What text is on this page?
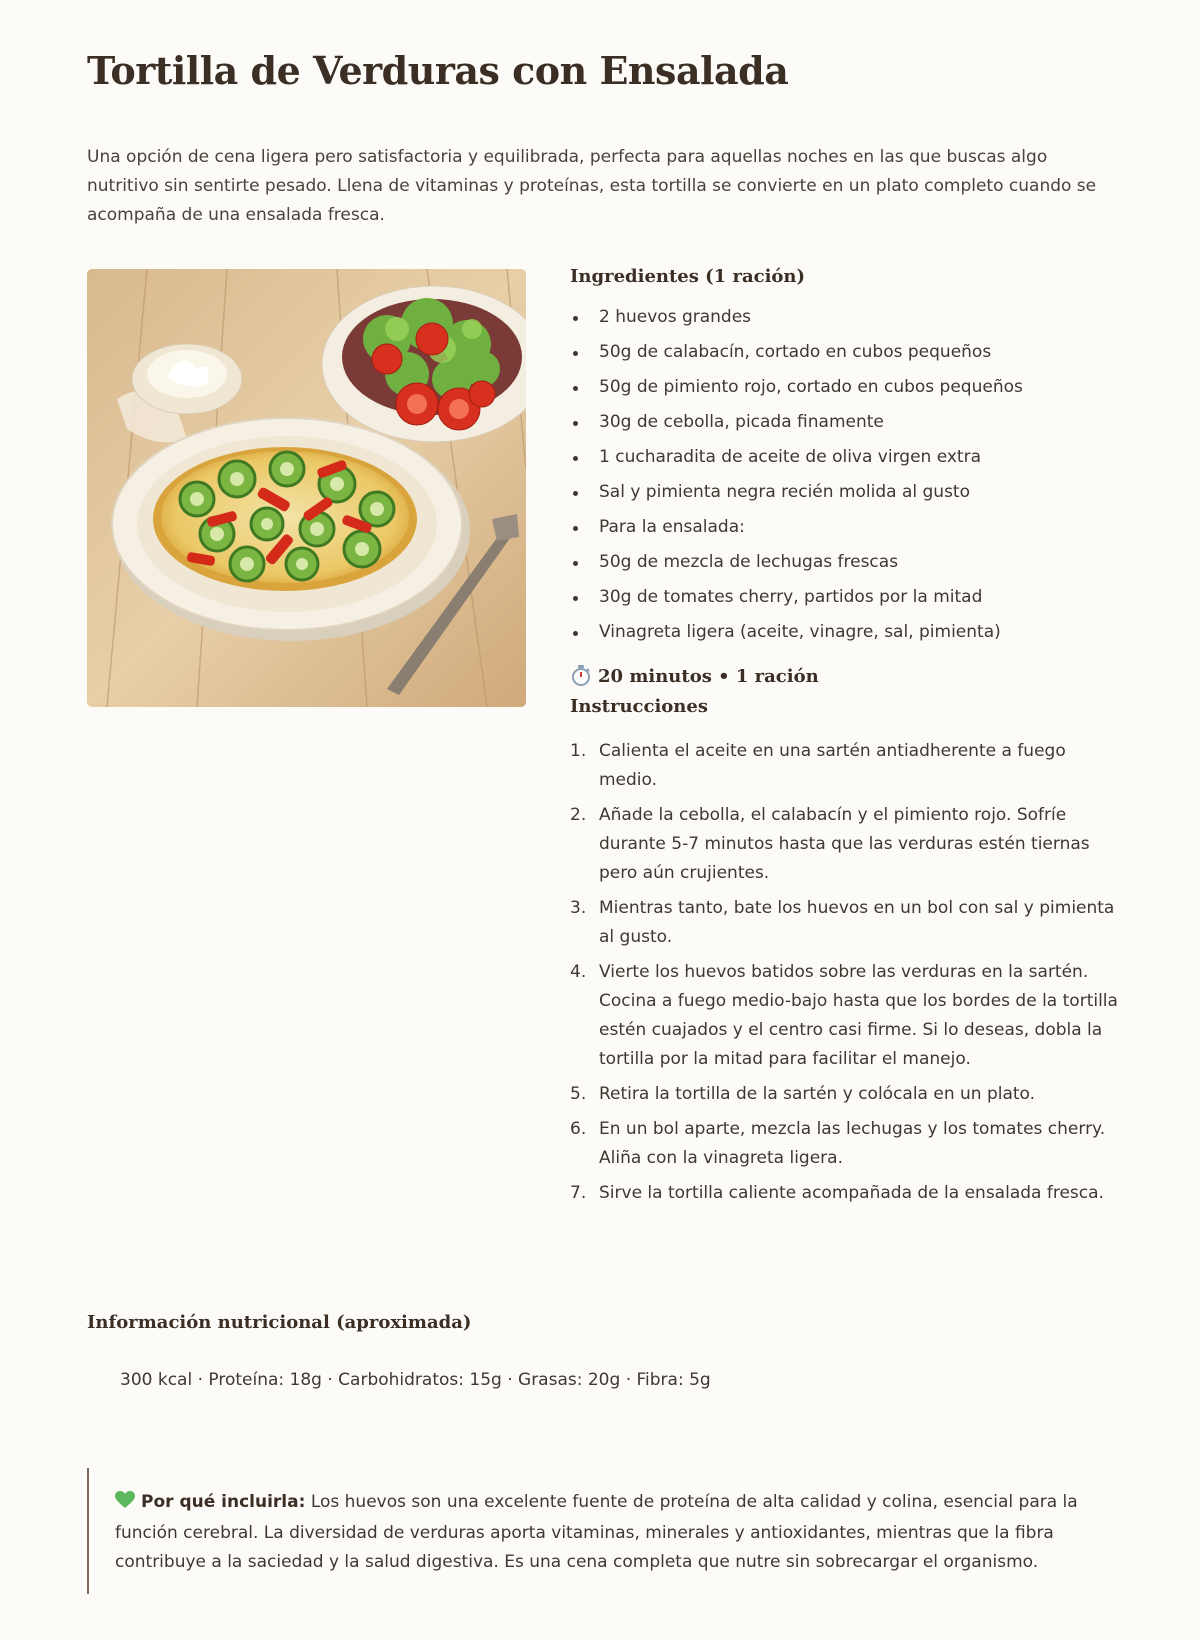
Tortilla de Verduras con Ensalada

Una opción de cena ligera pero satisfactoria y equilibrada, perfecta para aquellas noches en las que buscas algo nutritivo sin sentirte pesado. Llena de vitaminas y proteínas, esta tortilla se convierte en un plato completo cuando se acompaña de una ensalada fresca.

Ingredientes (1 ración)
2 huevos grandes
50g de calabacín, cortado en cubos pequeños
50g de pimiento rojo, cortado en cubos pequeños
30g de cebolla, picada finamente
1 cucharadita de aceite de oliva virgen extra
Sal y pimienta negra recién molida al gusto
Para la ensalada:
50g de mezcla de lechugas frescas
30g de tomates cherry, partidos por la mitad
Vinagreta ligera (aceite, vinagre, sal, pimienta)
20 minutos • 1 ración
Instrucciones
1. Calienta el aceite en una sartén antiadherente a fuego medio.
2. Añade la cebolla, el calabacín y el pimiento rojo. Sofríe durante 5-7 minutos hasta que las verduras estén tiernas pero aún crujientes.
3. Mientras tanto, bate los huevos en un bol con sal y pimienta al gusto.
4. Vierte los huevos batidos sobre las verduras en la sartén. Cocina a fuego medio-bajo hasta que los bordes de la tortilla estén cuajados y el centro casi firme. Si lo deseas, dobla la tortilla por la mitad para facilitar el manejo.
5. Retira la tortilla de la sartén y colócala en un plato.
6. En un bol aparte, mezcla las lechugas y los tomates cherry. Aliña con la vinagreta ligera.
7. Sirve la tortilla caliente acompañada de la ensalada fresca.
Información nutricional (aproximada)
300 kcal · Proteína: 18g · Carbohidratos: 15g · Grasas: 20g · Fibra: 5g
Por qué incluirla: Los huevos son una excelente fuente de proteína de alta calidad y colina, esencial para la función cerebral. La diversidad de verduras aporta vitaminas, minerales y antioxidantes, mientras que la fibra contribuye a la saciedad y la salud digestiva. Es una cena completa que nutre sin sobrecargar el organismo.
